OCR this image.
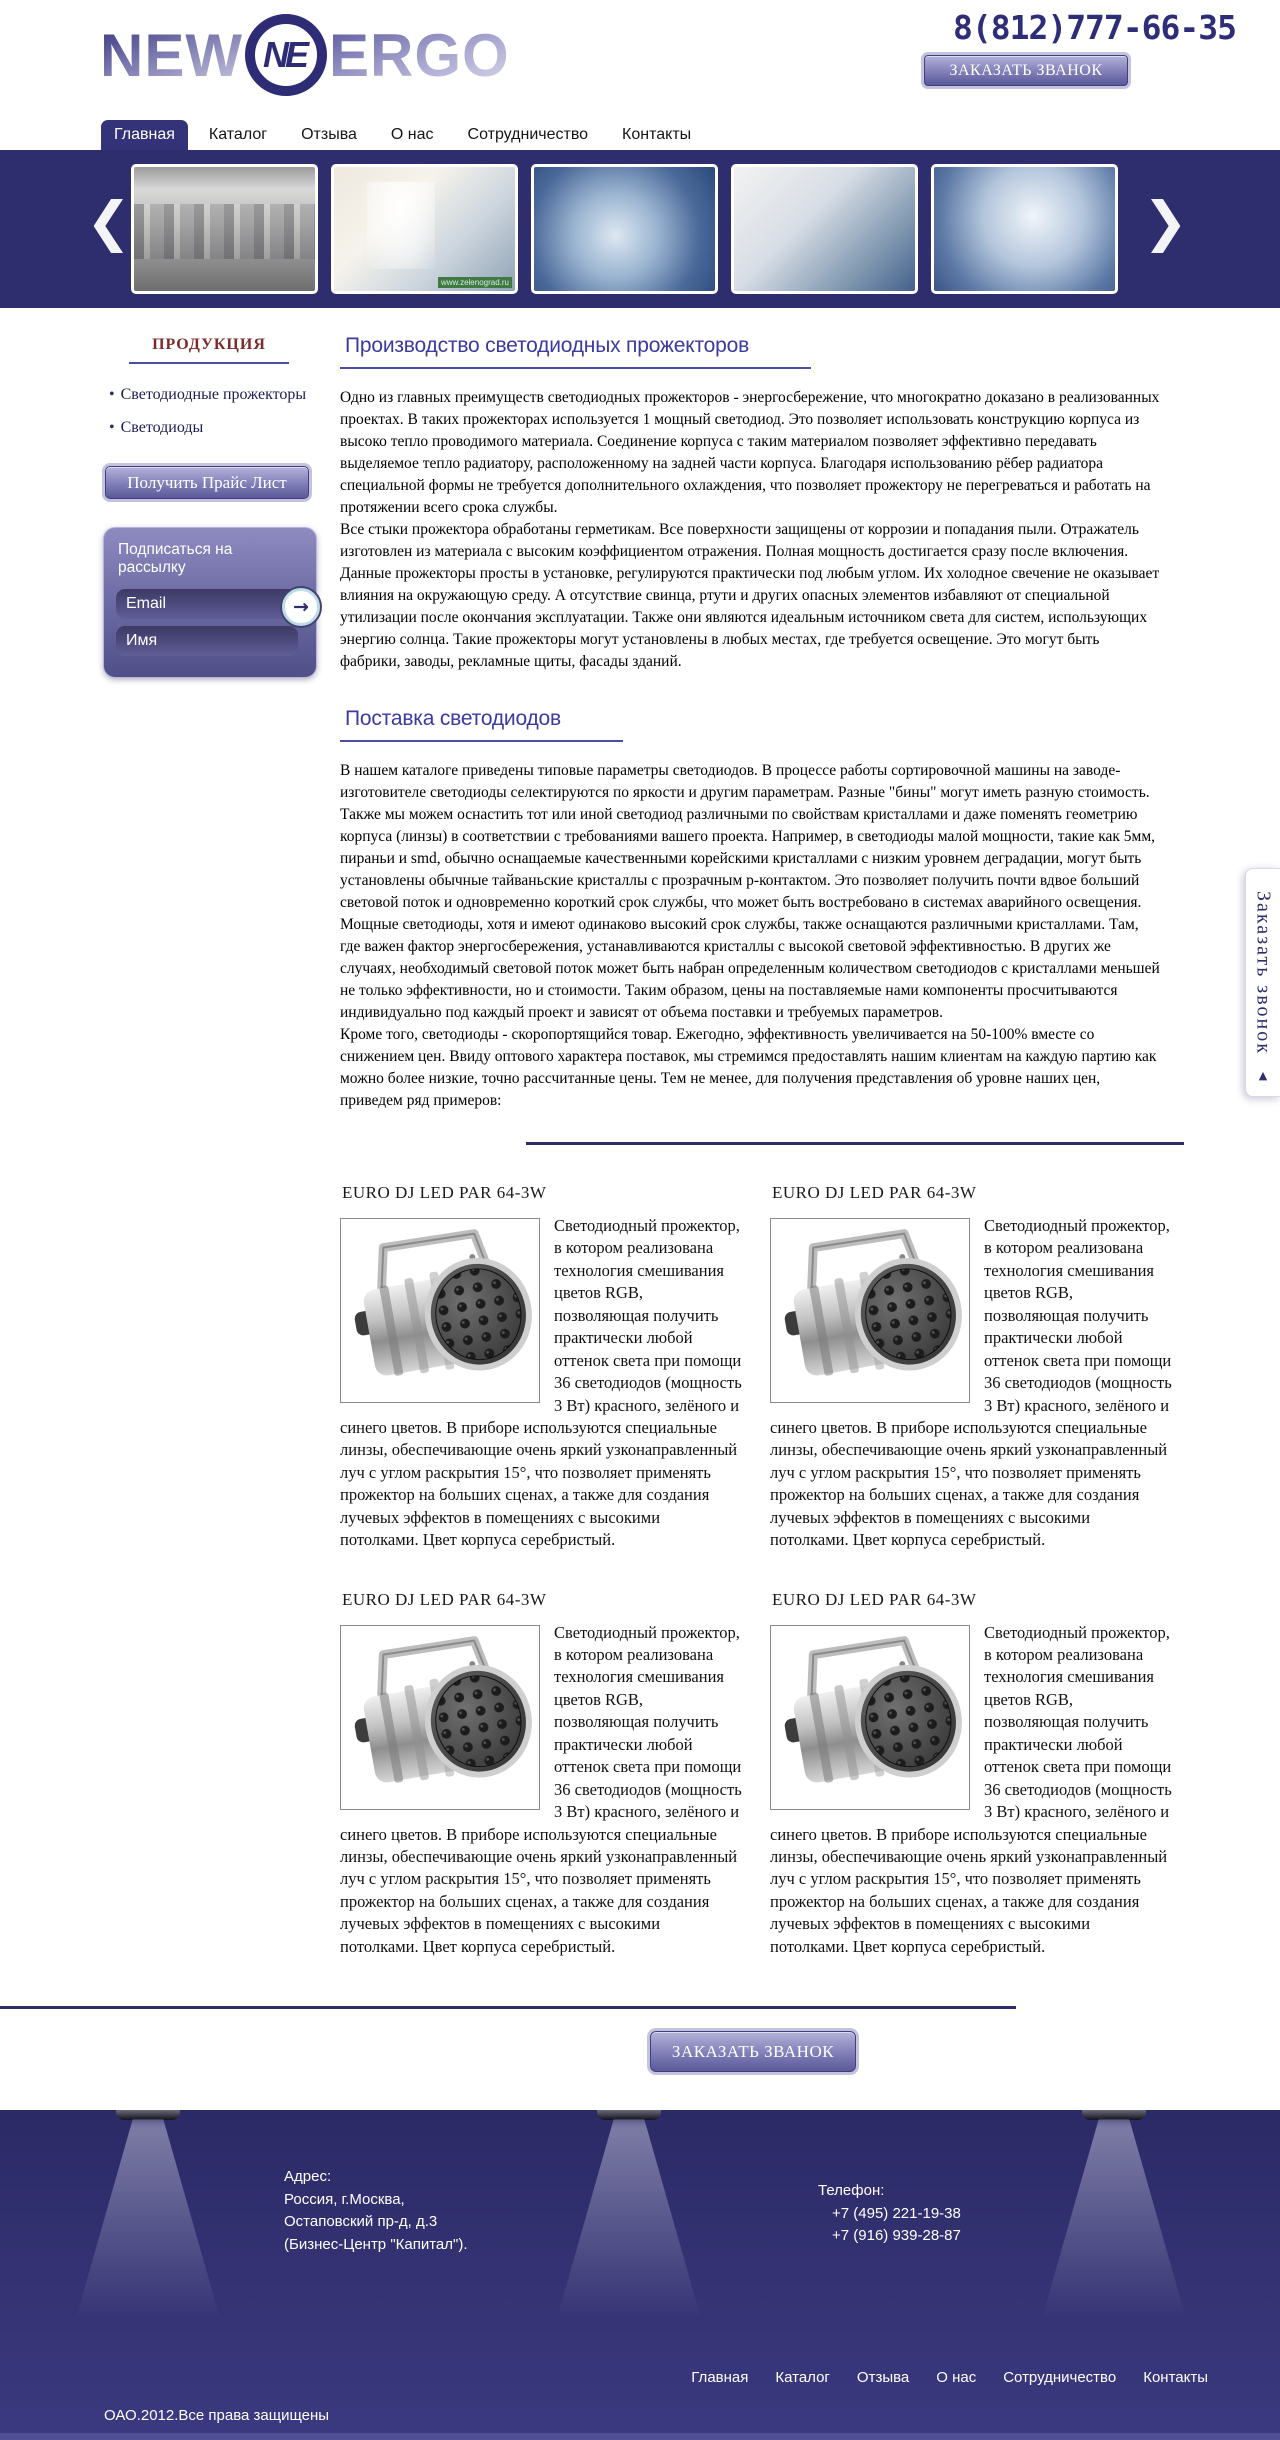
NEW NE ERGO	8(812)777-66-35
ЗАКАЗАТЬ ЗВАНОК
Главная	Каталог	Отзыва	О нас	Сотрудничество	Контакты
❮
www.zelenograd.ru
❯
ПРОДУКЦИЯ
• Светодиодные прожекторы
• Светодиоды
Получить Прайс Лист
Подписаться на рассылку
Email
Имя
→
Производство светодиодных прожекторов

Одно из главных преимуществ светодиодных прожекторов - энергосбережение, что многократно доказано в реализованных проектах. В таких прожекторах используется 1 мощный светодиод. Это позволяет использовать конструкцию корпуса из высоко тепло проводимого материала. Соединение корпуса с таким материалом позволяет эффективно передавать выделяемое тепло радиатору, расположенному на задней части корпуса. Благодаря использованию рёбер радиатора специальной формы не требуется дополнительного охлаждения, что позволяет прожектору не перегреваться и работать на протяжении всего срока службы.

Все стыки прожектора обработаны герметикам. Все поверхности защищены от коррозии и попадания пыли. Отражатель изготовлен из материала с высоким коэффициентом отражения. Полная мощность достигается сразу после включения.

Данные прожекторы просты в установке, регулируются практически под любым углом. Их холодное свечение не оказывает влияния на окружающую среду. А отсутствие свинца, ртути и других опасных элементов избавляют от специальной утилизации после окончания эксплуатации. Также они являются идеальным источником света для систем, использующих энергию солнца. Такие прожекторы могут установлены в любых местах, где требуется освещение. Это могут быть фабрики, заводы, рекламные щиты, фасады зданий.

Поставка светодиодов

В нашем каталоге приведены типовые параметры светодиодов. В процессе работы сортировочной машины на заводе-изготовителе светодиоды селектируются по яркости и другим параметрам. Разные "бины" могут иметь разную стоимость. Также мы можем оснастить тот или иной светодиод различными по свойствам кристаллами и даже поменять геометрию корпуса (линзы) в соответствии с требованиями вашего проекта. Например, в светодиоды малой мощности, такие как 5мм, пираньи и smd, обычно оснащаемые качественными корейскими кристаллами с низким уровнем деградации, могут быть установлены обычные тайваньские кристаллы с прозрачным p-контактом. Это позволяет получить почти вдвое больший световой поток и одновременно короткий срок службы, что может быть востребовано в системах аварийного освещения.

Мощные светодиоды, хотя и имеют одинаково высокий срок службы, также оснащаются различными кристаллами. Там, где важен фактор энергосбережения, устанавливаются кристаллы с высокой световой эффективностью. В других же случаях, необходимый световой поток может быть набран определенным количеством светодиодов с кристаллами меньшей не только эффективности, но и стоимости. Таким образом, цены на поставляемые нами компоненты просчитываются индивидуально под каждый проект и зависят от объема поставки и требуемых параметров.

Кроме того, светодиоды - скоропортящийся товар. Ежегодно, эффективность увеличивается на 50-100% вместе со снижением цен. Ввиду оптового характера поставок, мы стремимся предоставлять нашим клиентам на каждую партию как можно более низкие, точно рассчитанные цены. Тем не менее, для получения представления об уровне наших цен, приведем ряд примеров:

EURO DJ LED PAR 64-3W
Светодиодный прожектор, в котором реализована технология смешивания цветов RGB, позволяющая получить практически любой оттенок света при помощи 36 светодиодов (мощность 3 Вт) красного, зелёного и синего цветов. В приборе используются специальные линзы, обеспечивающие очень яркий узконаправленный луч с углом раскрытия 15°, что позволяет применять прожектор на больших сценах, а также для создания лучевых эффектов в помещениях с высокими потолками. Цвет корпуса серебристый.
EURO DJ LED PAR 64-3W
Светодиодный прожектор, в котором реализована технология смешивания цветов RGB, позволяющая получить практически любой оттенок света при помощи 36 светодиодов (мощность 3 Вт) красного, зелёного и синего цветов. В приборе используются специальные линзы, обеспечивающие очень яркий узконаправленный луч с углом раскрытия 15°, что позволяет применять прожектор на больших сценах, а также для создания лучевых эффектов в помещениях с высокими потолками. Цвет корпуса серебристый.
EURO DJ LED PAR 64-3W
Светодиодный прожектор, в котором реализована технология смешивания цветов RGB, позволяющая получить практически любой оттенок света при помощи 36 светодиодов (мощность 3 Вт) красного, зелёного и синего цветов. В приборе используются специальные линзы, обеспечивающие очень яркий узконаправленный луч с углом раскрытия 15°, что позволяет применять прожектор на больших сценах, а также для создания лучевых эффектов в помещениях с высокими потолками. Цвет корпуса серебристый.
EURO DJ LED PAR 64-3W
Светодиодный прожектор, в котором реализована технология смешивания цветов RGB, позволяющая получить практически любой оттенок света при помощи 36 светодиодов (мощность 3 Вт) красного, зелёного и синего цветов. В приборе используются специальные линзы, обеспечивающие очень яркий узконаправленный луч с углом раскрытия 15°, что позволяет применять прожектор на больших сценах, а также для создания лучевых эффектов в помещениях с высокими потолками. Цвет корпуса серебристый.
ЗАКАЗАТЬ ЗВАНОК
Адрес:
Россия, г.Москва,
Остаповский пр-д, д.3
(Бизнес-Центр "Капитал").
Телефон:
+7 (495) 221-19-38
+7 (916) 939-28-87
Главная Каталог Отзыва О нас Сотрудничество Контакты
ОАО.2012.Все права защищены
Заказать звонок
▲
